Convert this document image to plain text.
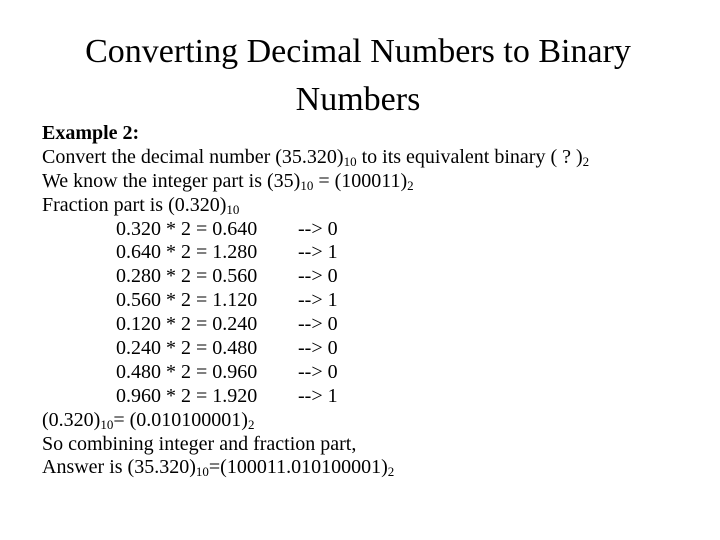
Converting Decimal Numbers to Binary
Numbers
Example 2:
Convert the decimal number $(35.320)_{10}$ to its equivalent binary ( ? )$_2$
We know the integer part is $(35)_{10} = (100011)_2$
Fraction part is $(0.320)_{10}$
0.320 * 2 = 0.640 --> 0
0.640 * 2 = 1.280 --> 1
0.280 * 2 = 0.560 --> 0
0.560 * 2 = 1.120 --> 1
0.120 * 2 = 0.240 --> 0
0.240 * 2 = 0.480 --> 0
0.480 * 2 = 0.960 --> 0
0.960 * 2 = 1.920 --> 1
$(0.320)_{10}= (0.010100001)_2$
So combining integer and fraction part,
Answer is $(35.320)_{10}=(100011.010100001)_2$
